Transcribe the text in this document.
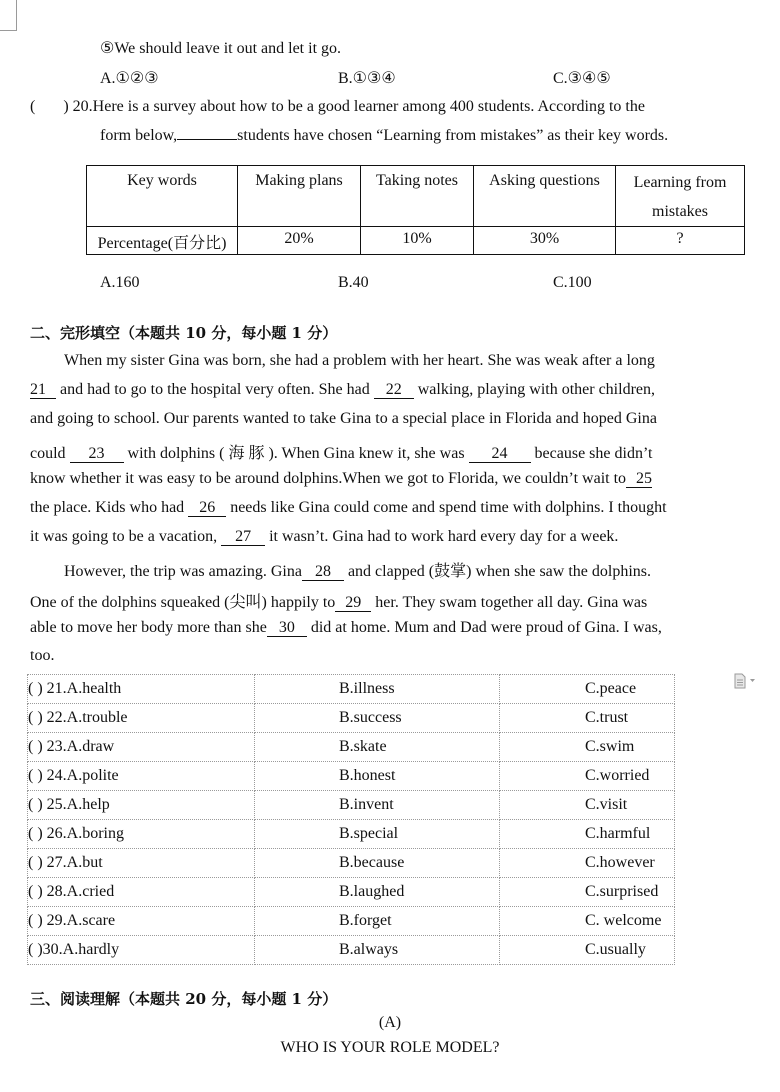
⑤We should leave it out and let it go.
A.①②③	B.①③④	C.③④⑤
( ) 20.Here is a survey about how to be a good learner among 400 students. According to the
form below,	students have chosen “Learning from mistakes” as their key words.
Key words	Making plans	Taking notes	Asking questions	Learning from mistakes
Percentage(百分比)	20%	10%	30%	?
A.160	B.40	C.100
二、完形填空（本题共 10 分，每小题 1 分）
When my sister Gina was born, she had a problem with her heart. She was weak after a long
21 and had to go to the hospital very often. She had 22 walking, playing with other children,
and going to school. Our parents wanted to take Gina to a special place in Florida and hoped Gina
could 23 with dolphins ( 海 豚 ). When Gina knew it, she was 24 because she didn’t
know whether it was easy to be around dolphins.When we got to Florida, we couldn’t wait to 25
the place. Kids who had 26 needs like Gina could come and spend time with dolphins. I thought
it was going to be a vacation, 27 it wasn’t. Gina had to work hard every day for a week.
However, the trip was amazing. Gina 28 and clapped (鼓掌) when she saw the dolphins.
One of the dolphins squeaked (尖叫) happily to 29 her. They swam together all day. Gina was
able to move her body more than she 30 did at home. Mum and Dad were proud of Gina. I was,
too.
( ) 21.A.health	B.illness	C.peace
( ) 22.A.trouble	B.success	C.trust
( ) 23.A.draw	B.skate	C.swim
( ) 24.A.polite	B.honest	C.worried
( ) 25.A.help	B.invent	C.visit
( ) 26.A.boring	B.special	C.harmful
( ) 27.A.but	B.because	C.however
( ) 28.A.cried	B.laughed	C.surprised
( ) 29.A.scare	B.forget	C. welcome
( )30.A.hardly	B.always	C.usually
三、阅读理解（本题共 20 分，每小题 1 分）
(A)
WHO IS YOUR ROLE MODEL?
